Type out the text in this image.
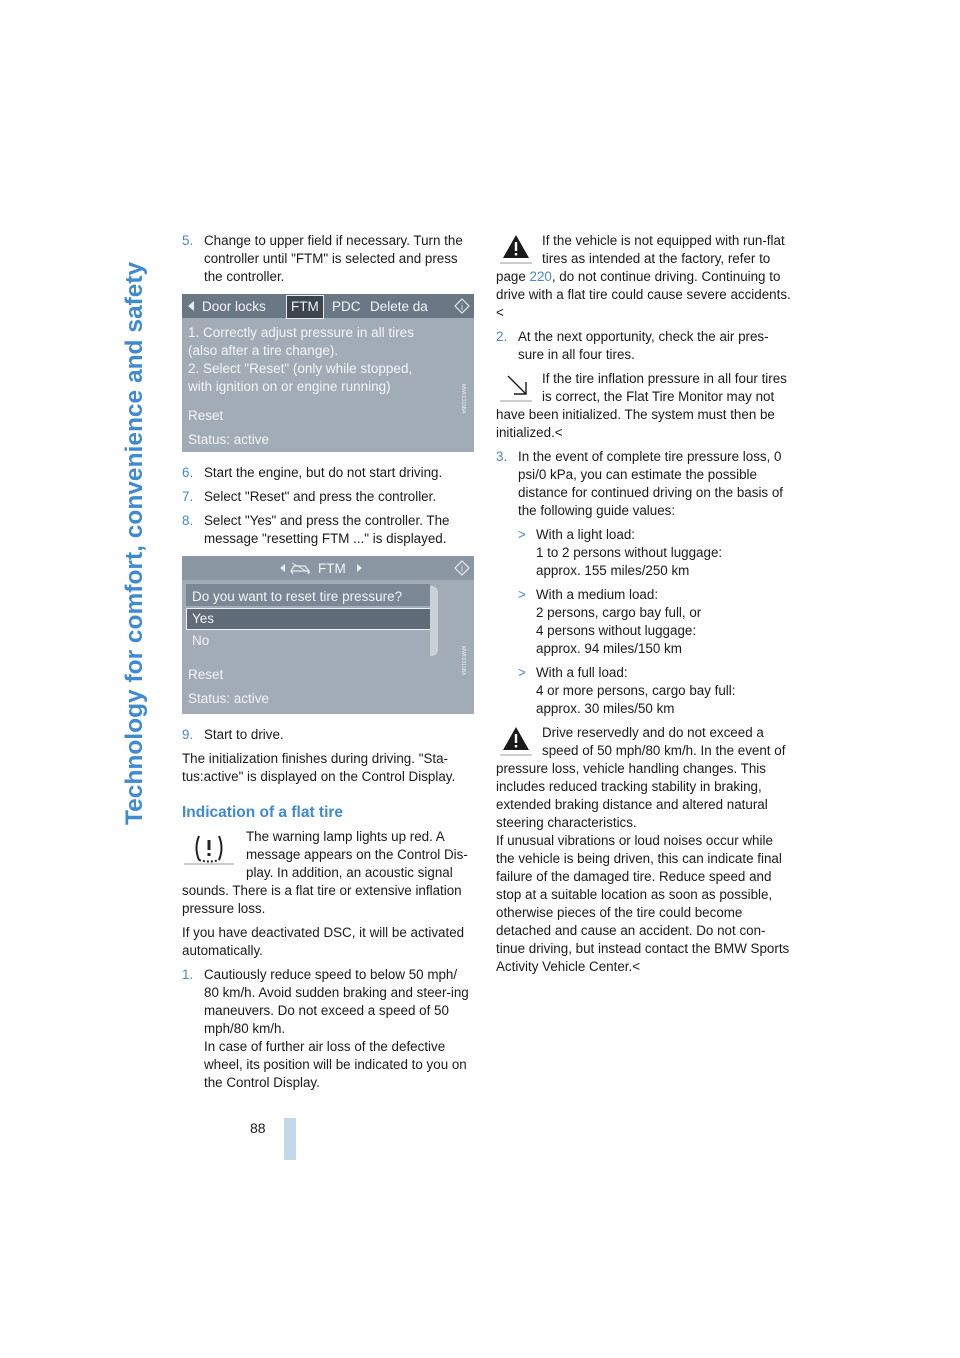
Technology for comfort, convenience and safety
88
5. Change to upper field if necessary. Turn the controller until "FTM" is selected and press the controller.
Door locks	FTM PDC Delete da	i
1. Correctly adjust pressure in all tires
(also after a tire change).
2. Select "Reset" (only while stopped,
with ignition on or engine running)
Reset
Status: active
MW01316BA
6. Start the engine, but do not start driving.
7. Select "Reset" and press the controller.
8. Select "Yes" and press the controller. The message "resetting FTM ..." is displayed.
FTM	i
Do you want to reset tire pressure?
Yes
No
Reset
Status: active
MW01316BA
9. Start to drive.

The initialization finishes during driving. "Sta-tus:active" is displayed on the Control Display.

Indication of a flat tire

The warning lamp lights up red. A message appears on the Control Dis-play. In addition, an acoustic signal sounds. There is a flat tire or extensive inflation pressure loss.

If you have deactivated DSC, it will be activated automatically.

1. Cautiously reduce speed to below 50 mph/ 80 km/h. Avoid sudden braking and steer-ing maneuvers. Do not exceed a speed of 50 mph/80 km/h.
In case of further air loss of the defective wheel, its position will be indicated to you on the Control Display.

If the vehicle is not equipped with run-flat tires as intended at the factory, refer to page 220, do not continue driving. Continuing to drive with a flat tire could cause severe accidents.<

2. At the next opportunity, check the air pres-sure in all four tires.

If the tire inflation pressure in all four tires is correct, the Flat Tire Monitor may not have been initialized. The system must then be initialized.<

3. In the event of complete tire pressure loss, 0 psi/0 kPa, you can estimate the possible distance for continued driving on the basis of the following guide values:
> With a light load:
1 to 2 persons without luggage:
approx. 155 miles/250 km
> With a medium load:
2 persons, cargo bay full, or
4 persons without luggage:
approx. 94 miles/150 km
> With a full load:
4 or more persons, cargo bay full:
approx. 30 miles/50 km

Drive reservedly and do not exceed a speed of 50 mph/80 km/h. In the event of pressure loss, vehicle handling changes. This includes reduced tracking stability in braking, extended braking distance and altered natural steering characteristics.

If unusual vibrations or loud noises occur while the vehicle is being driven, this can indicate final failure of the damaged tire. Reduce speed and stop at a suitable location as soon as possible, otherwise pieces of the tire could become detached and cause an accident. Do not con-tinue driving, but instead contact the BMW Sports Activity Vehicle Center.<
